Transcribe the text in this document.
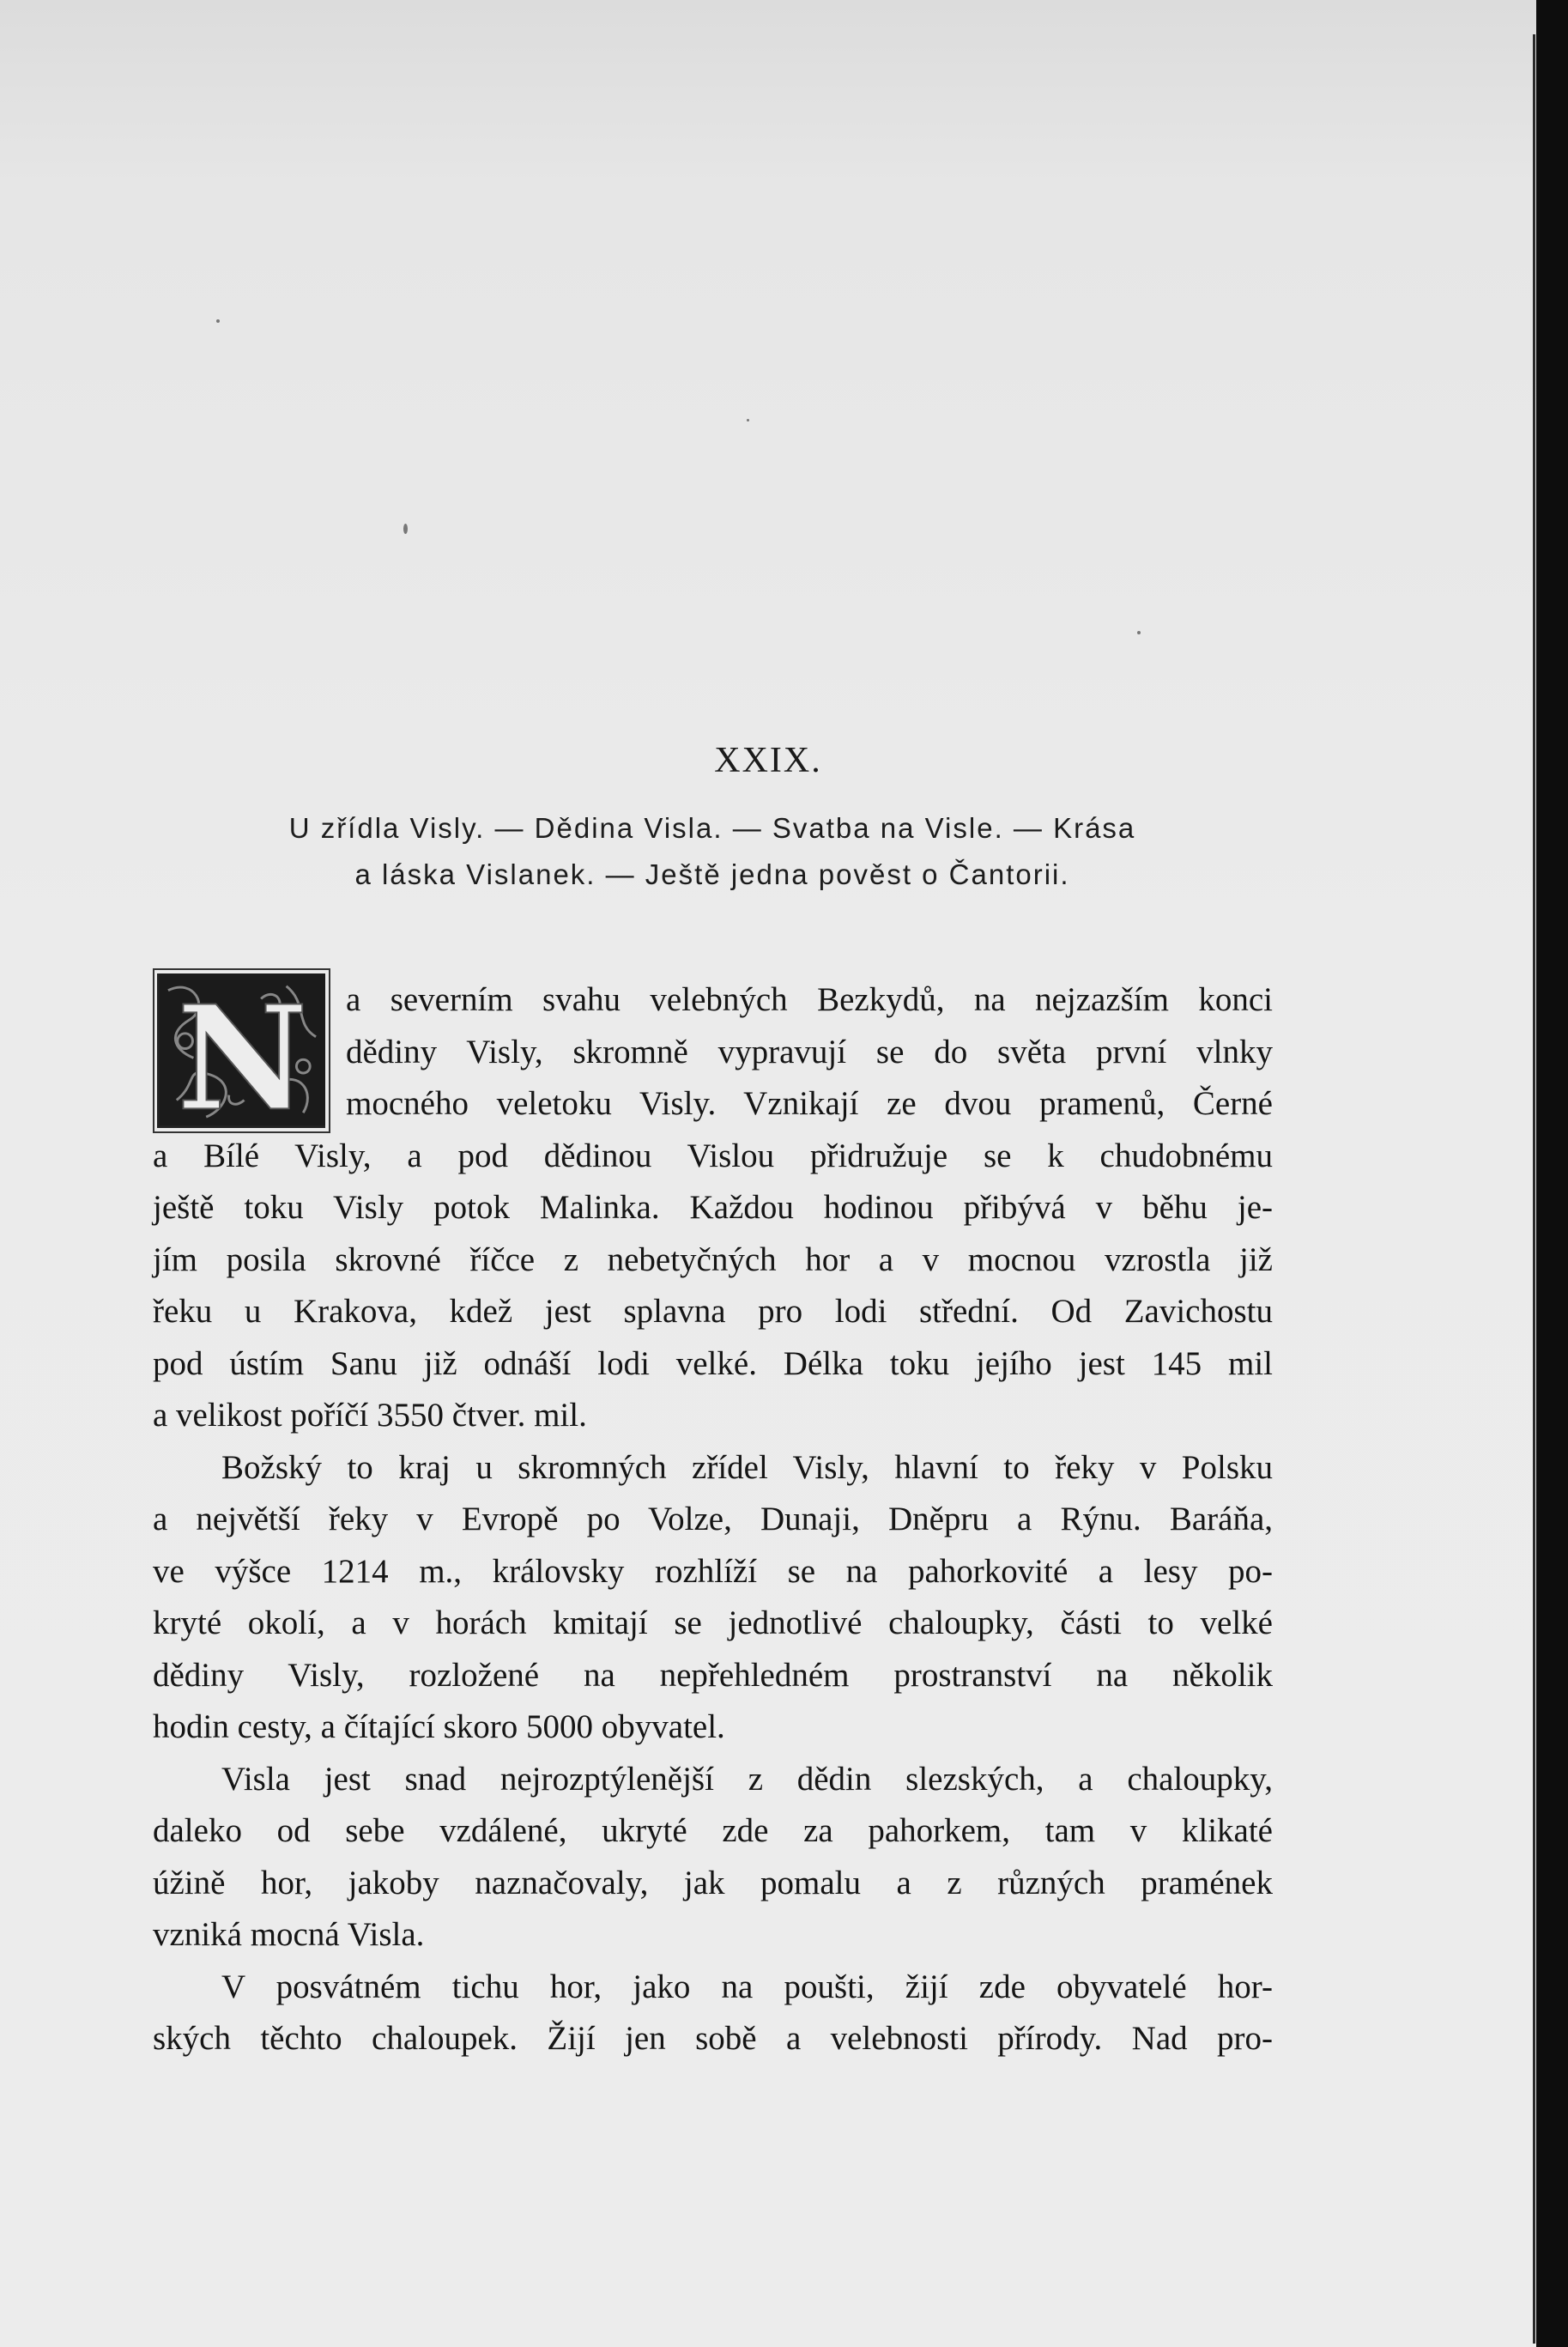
XXIX.
U zřídla Visly. — Dědina Visla. — Svatba na Visle. — Krása
a láska Vislanek. — Ještě jedna pověst o Čantorii.
N a severním svahu velebných Bezkydů, na nejzazším konci
dědiny Visly, skromně vypravují se do světa první vlnky
mocného veletoku Visly. Vznikají ze dvou pramenů, Černé
a Bílé Visly, a pod dědinou Vislou přidružuje se k chudobnému
ještě toku Visly potok Malinka. Každou hodinou přibývá v běhu je-
jím posila skrovné říčce z nebetyčných hor a v mocnou vzrostla již
řeku u Krakova, kdež jest splavna pro lodi střední. Od Zavichostu
pod ústím Sanu již odnáší lodi velké. Délka toku jejího jest 145 mil
a velikost poříčí 3550 čtver. mil.
Božský to kraj u skromných zřídel Visly, hlavní to řeky v Polsku
a největší řeky v Evropě po Volze, Dunaji, Dněpru a Rýnu. Baráňa,
ve výšce 1214 m., královsky rozhlíží se na pahorkovité a lesy po-
kryté okolí, a v horách kmitají se jednotlivé chaloupky, části to velké
dědiny Visly, rozložené na nepřehledném prostranství na několik
hodin cesty, a čítající skoro 5000 obyvatel.
Visla jest snad nejrozptýlenější z dědin slezských, a chaloupky,
daleko od sebe vzdálené, ukryté zde za pahorkem, tam v klikaté
úžině hor, jakoby naznačovaly, jak pomalu a z různých pramének
vzniká mocná Visla.
V posvátném tichu hor, jako na poušti, žijí zde obyvatelé hor-
ských těchto chaloupek. Žijí jen sobě a velebnosti přírody. Nad pro-
